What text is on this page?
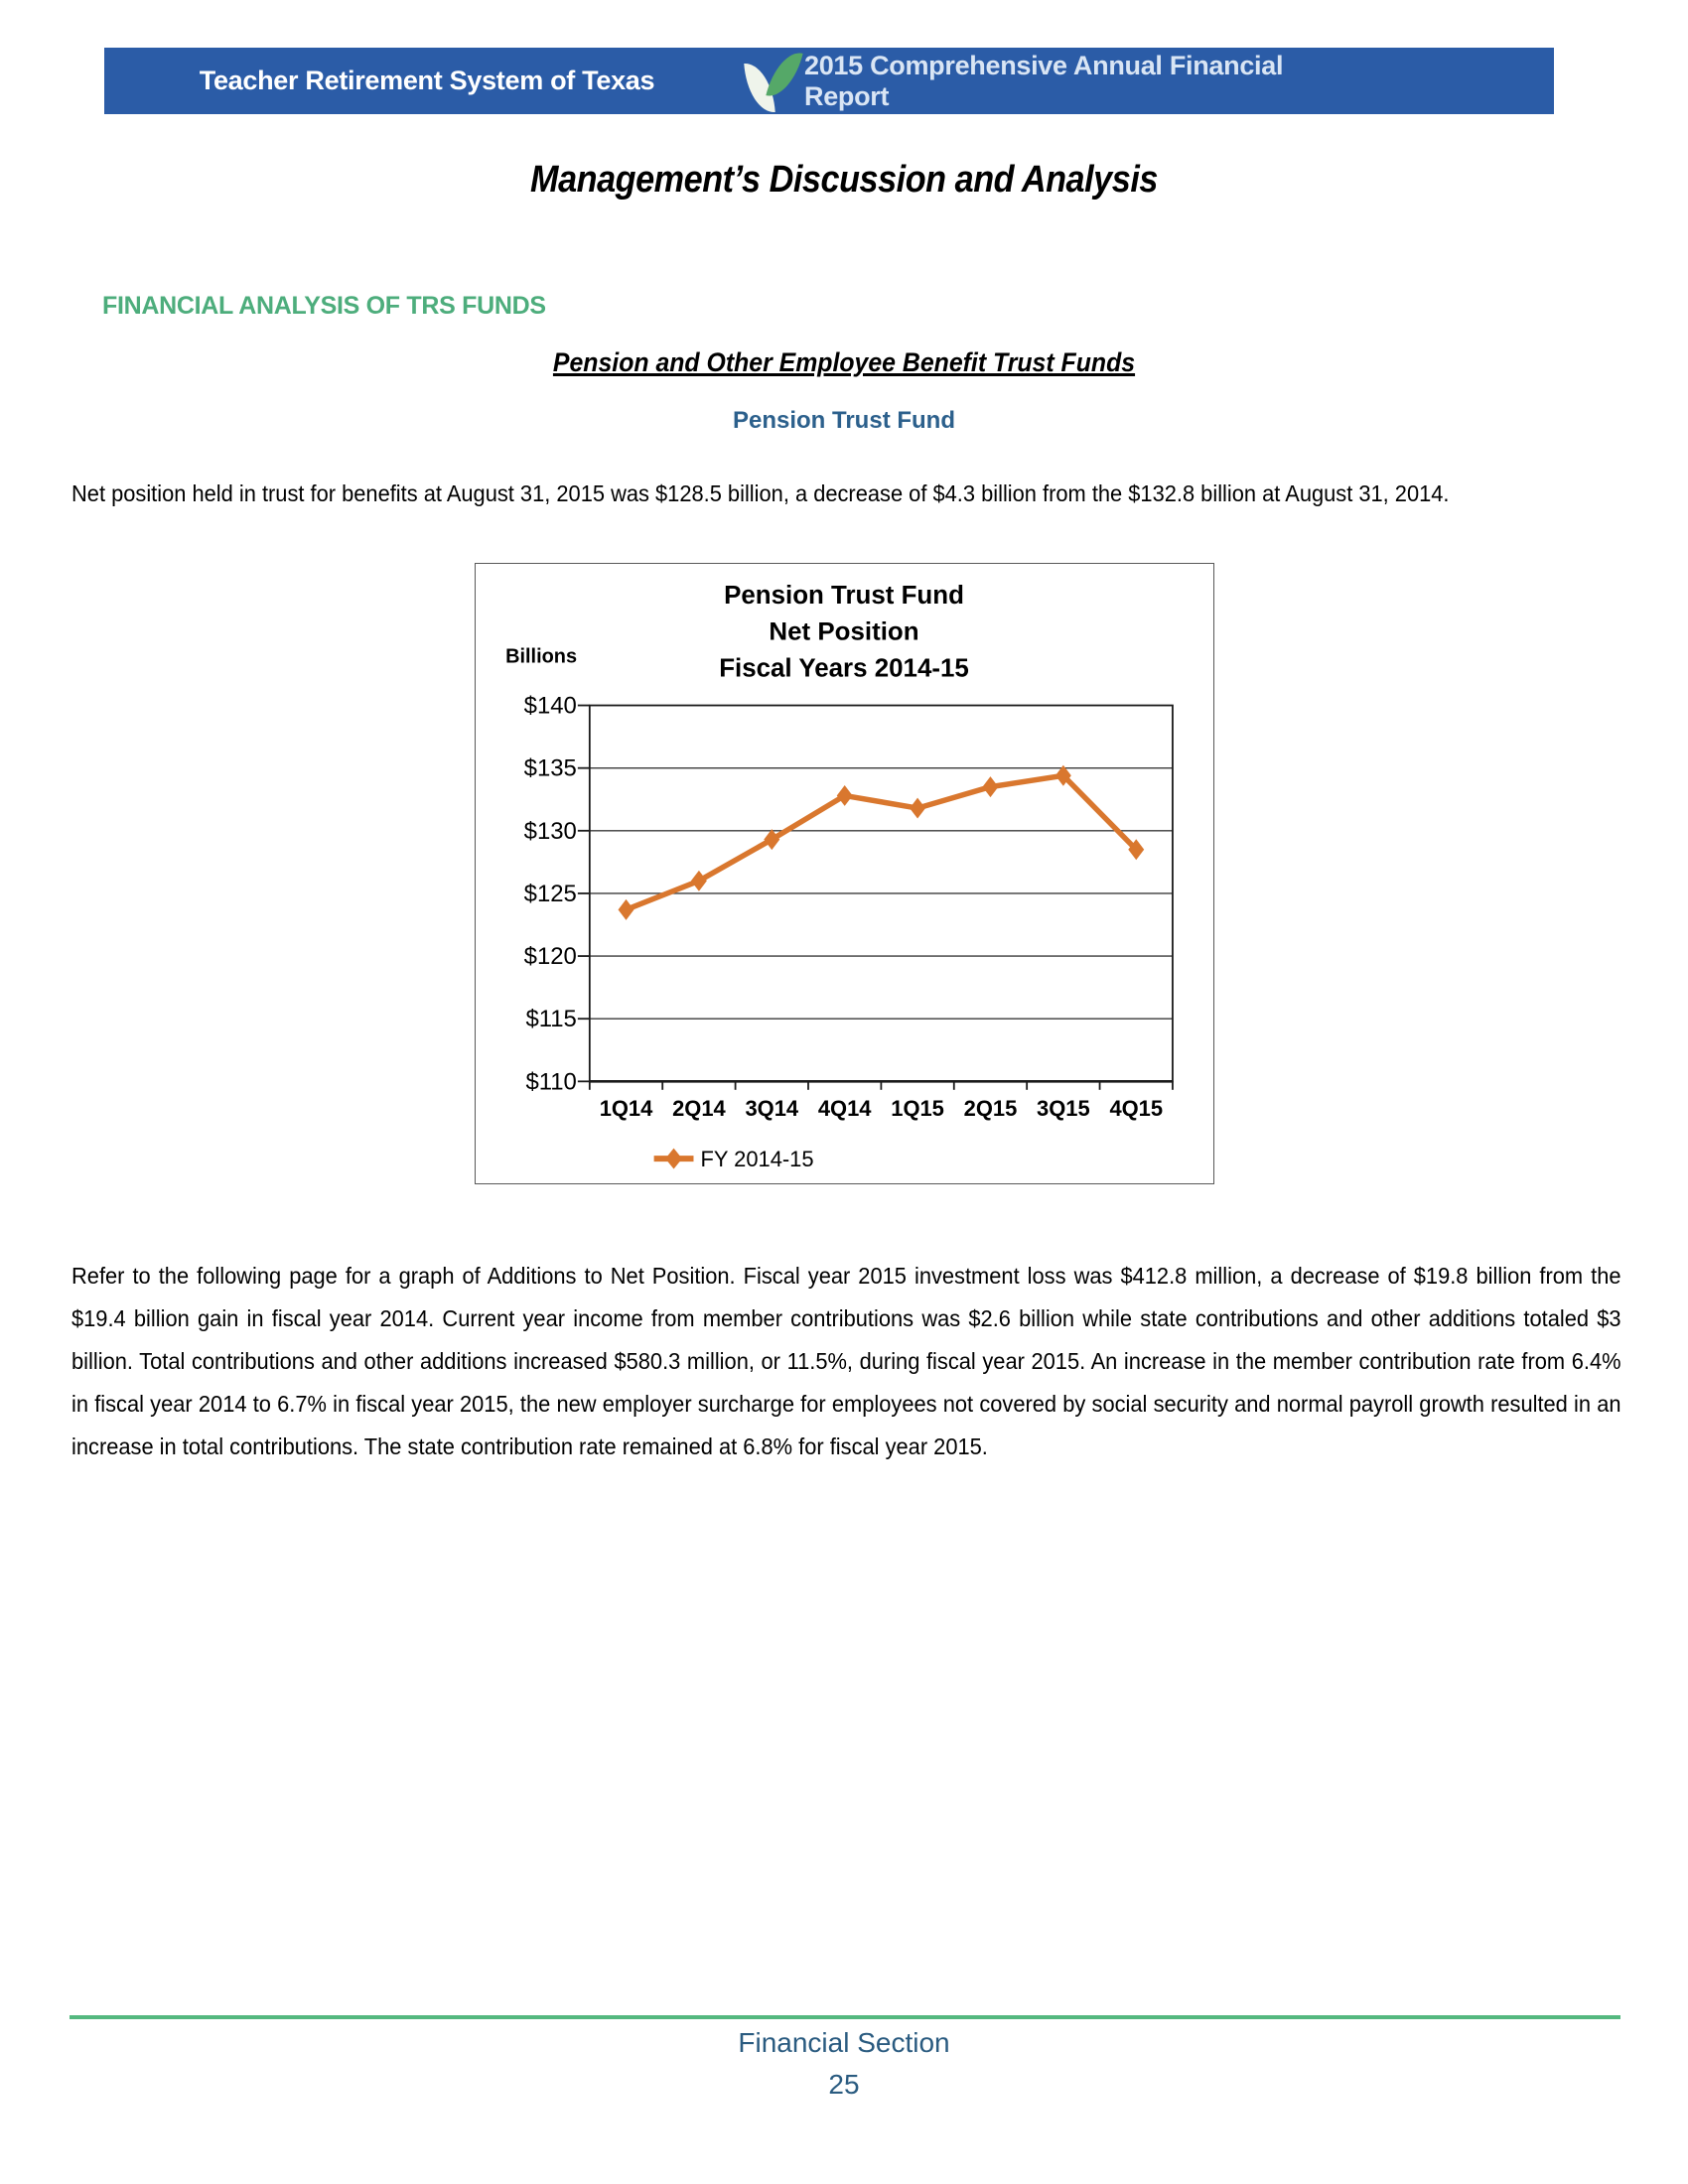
Teacher Retirement System of Texas
2015 Comprehensive Annual Financial Report
Management’s Discussion and Analysis
FINANCIAL ANALYSIS OF TRS FUNDS
Pension and Other Employee Benefit Trust Funds
Pension Trust Fund

Net position held in trust for benefits at August 31, 2015 was $128.5 billion, a decrease of $4.3 billion from the $132.8 billion at August 31, 2014.

Pension Trust Fund
Net Position
Fiscal Years 2014-15
Billions
$110
$115
$120
$125
$130
$135
$140
1Q14 2Q14 3Q14 4Q14 1Q15 2Q15 3Q15 4Q15
FY 2014-15

Refer to the following page for a graph of Additions to Net Position. Fiscal year 2015 investment loss was $412.8 million, a decrease of $19.8 billion from the $19.4 billion gain in fiscal year 2014. Current year income from member contributions was $2.6 billion while state contributions and other additions totaled $3 billion. Total contributions and other additions increased $580.3 million, or 11.5%, during fiscal year 2015. An increase in the member contribution rate from 6.4% in fiscal year 2014 to 6.7% in fiscal year 2015, the new employer surcharge for employees not covered by social security and normal payroll growth resulted in an increase in total contributions. The state contribution rate remained at 6.8% for fiscal year 2015.

Financial Section
25
